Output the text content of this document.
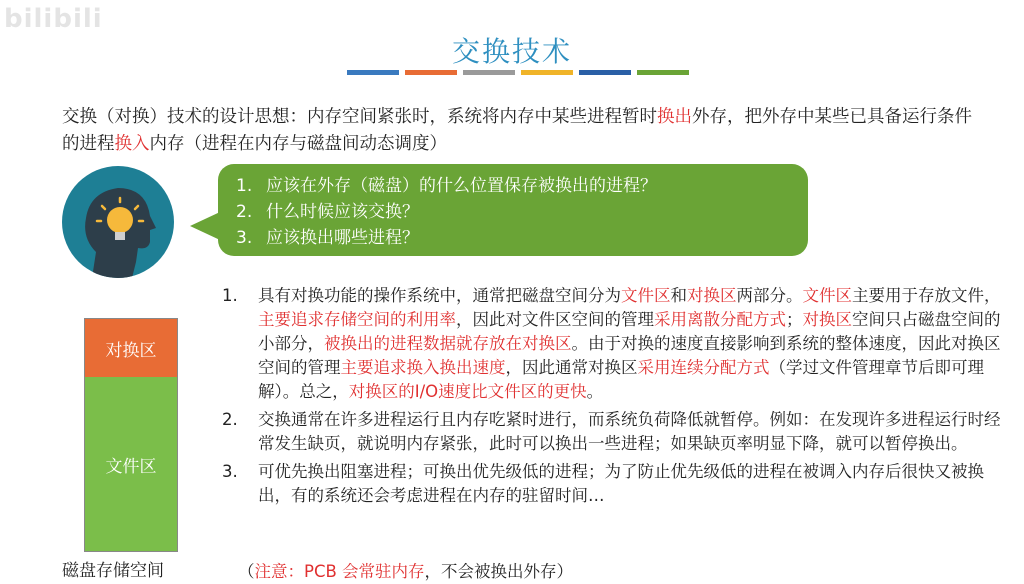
bilibili
交换技术
交换（对换）技术的设计思想：内存空间紧张时，系统将内存中某些进程暂时换出外存，把外存中某些已具备运行条件的进程换入内存（进程在内存与磁盘间动态调度）
1. 应该在外存（磁盘）的什么位置保存被换出的进程？
2. 什么时候应该交换？
3. 应该换出哪些进程？
对换区
文件区
磁盘存储空间
1. 具有对换功能的操作系统中，通常把磁盘空间分为文件区和对换区两部分。文件区主要用于存放文件，主要追求存储空间的利用率，因此对文件区空间的管理采用离散分配方式；对换区空间只占磁盘空间的小部分，被换出的进程数据就存放在对换区。由于对换的速度直接影响到系统的整体速度，因此对换区空间的管理主要追求换入换出速度，因此通常对换区采用连续分配方式（学过文件管理章节后即可理解）。总之，对换区的I/O速度比文件区的更快。
2. 交换通常在许多进程运行且内存吃紧时进行，而系统负荷降低就暂停。例如：在发现许多进程运行时经常发生缺页，就说明内存紧张，此时可以换出一些进程；如果缺页率明显下降，就可以暂停换出。
3. 可优先换出阻塞进程；可换出优先级低的进程；为了防止优先级低的进程在被调入内存后很快又被换出，有的系统还会考虑进程在内存的驻留时间…
（注意：PCB 会常驻内存，不会被换出外存）
